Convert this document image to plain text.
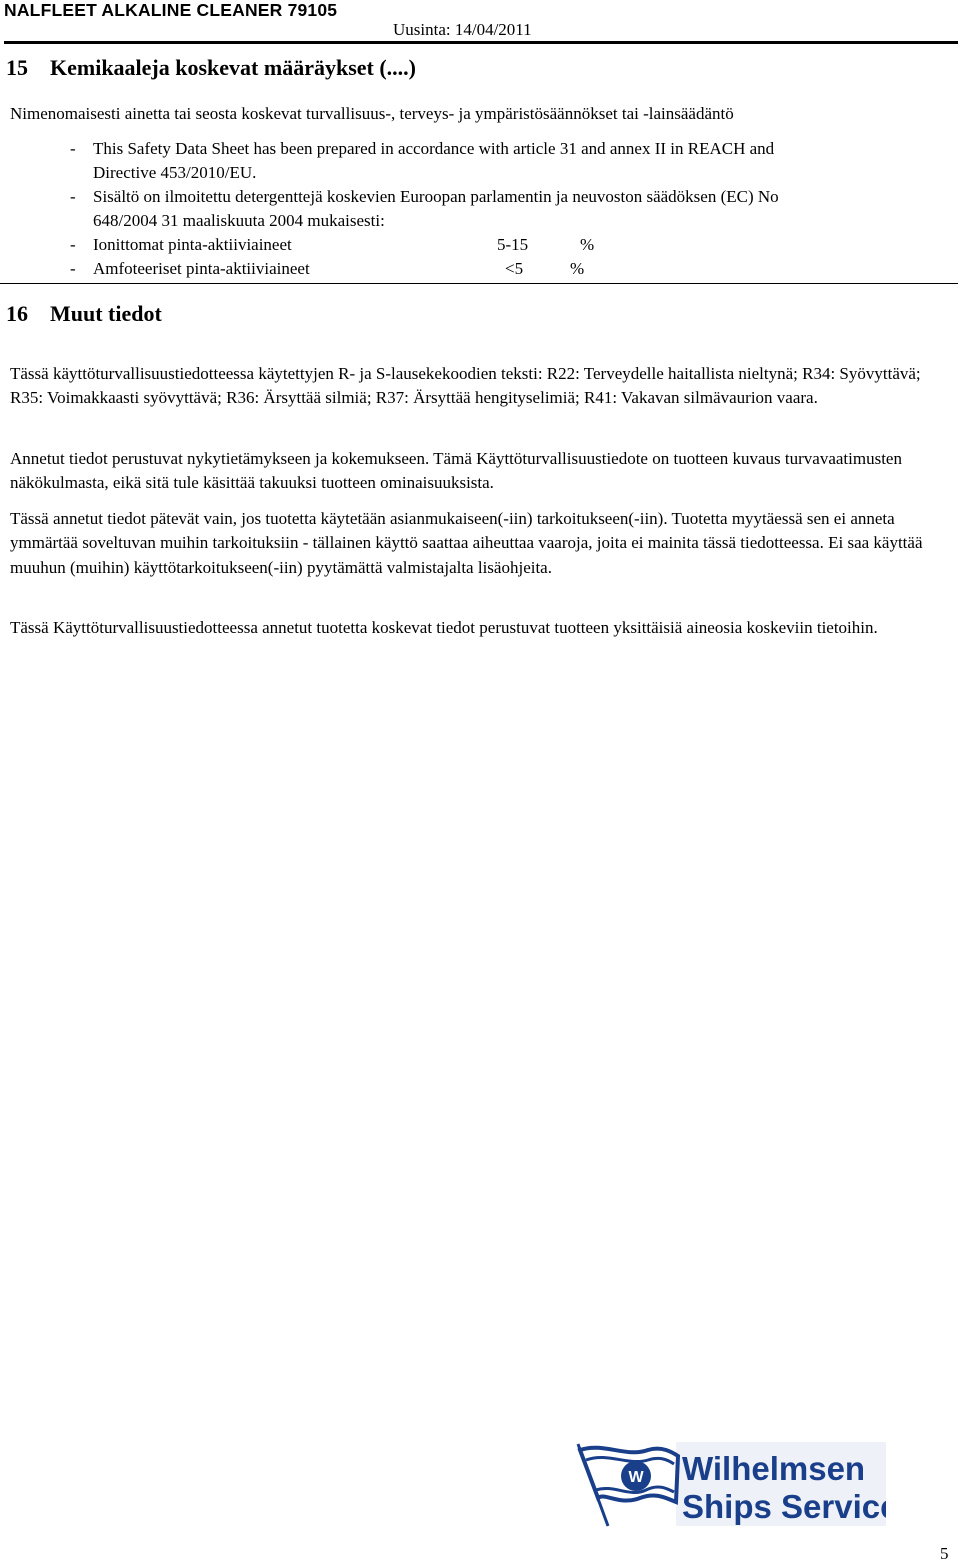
NALFLEET ALKALINE CLEANER 79105
Uusinta: 14/04/2011
15 Kemikaaleja koskevat määräykset (....)
Nimenomaisesti ainetta tai seosta koskevat turvallisuus-, terveys- ja ympäristösäännökset tai -lainsäädäntö
- This Safety Data Sheet has been prepared in accordance with article 31 and annex II in REACH and
Directive 453/2010/EU.
- Sisältö on ilmoitettu detergenttejä koskevien Euroopan parlamentin ja neuvoston säädöksen (EC) No
648/2004 31 maaliskuuta 2004 mukaisesti:
- Ionittomat pinta-aktiiviaineet	5-15	%
- Amfoteeriset pinta-aktiiviaineet	<5	%
16 Muut tiedot
Tässä käyttöturvallisuustiedotteessa käytettyjen R- ja S-lausekekoodien teksti: R22: Terveydelle haitallista nieltynä; R34: Syövyttävä; R35: Voimakkaasti syövyttävä; R36: Ärsyttää silmiä; R37: Ärsyttää hengityselimiä; R41: Vakavan silmävaurion vaara.
Annetut tiedot perustuvat nykytietämykseen ja kokemukseen. Tämä Käyttöturvallisuustiedote on tuotteen kuvaus turvavaatimusten näkökulmasta, eikä sitä tule käsittää takuuksi tuotteen ominaisuuksista.
Tässä annetut tiedot pätevät vain, jos tuotetta käytetään asianmukaiseen(-iin) tarkoitukseen(-iin). Tuotetta myytäessä sen ei anneta ymmärtää soveltuvan muihin tarkoituksiin - tällainen käyttö saattaa aiheuttaa vaaroja, joita ei mainita tässä tiedotteessa. Ei saa käyttää muuhun (muihin) käyttötarkoitukseen(-iin) pyytämättä valmistajalta lisäohjeita.
Tässä Käyttöturvallisuustiedotteessa annetut tuotetta koskevat tiedot perustuvat tuotteen yksittäisiä aineosia koskeviin tietoihin.
W Wilhelmsen
Ships Service
5
